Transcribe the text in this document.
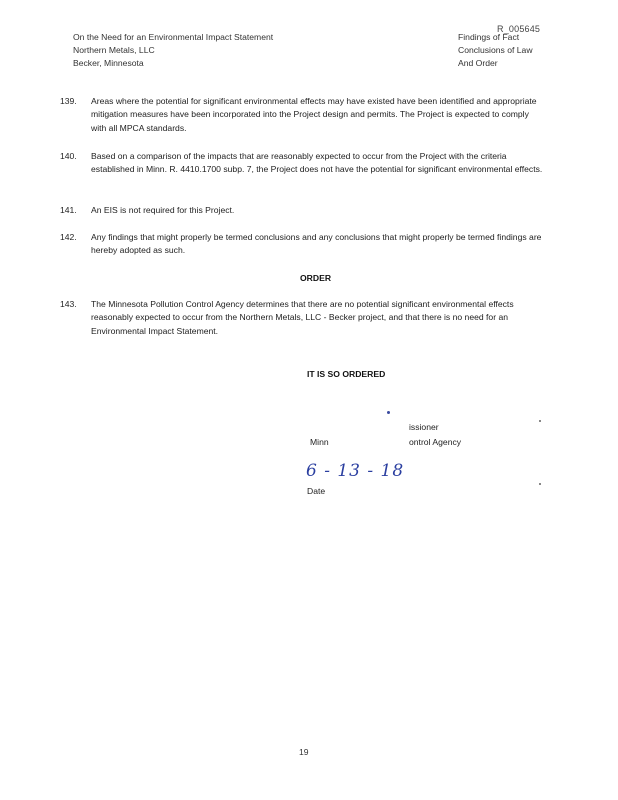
R_005645
On the Need for an Environmental Impact Statement
Northern Metals, LLC
Becker, Minnesota
Findings of Fact
Conclusions of Law
And Order
139.	Areas where the potential for significant environmental effects may have existed have been identified and appropriate mitigation measures have been incorporated into the Project design and permits. The Project is expected to comply with all MPCA standards.
140.	Based on a comparison of the impacts that are reasonably expected to occur from the Project with the criteria established in Minn. R. 4410.1700 subp. 7, the Project does not have the potential for significant environmental effects.
141.	An EIS is not required for this Project.
142.	Any findings that might properly be termed conclusions and any conclusions that might properly be termed findings are hereby adopted as such.
ORDER
143.	The Minnesota Pollution Control Agency determines that there are no potential significant environmental effects reasonably expected to occur from the Northern Metals, LLC - Becker project, and that there is no need for an Environmental Impact Statement.
IT IS SO ORDERED
issioner
Minn	ontrol Agency
6 - 13 - 18
Date
19
